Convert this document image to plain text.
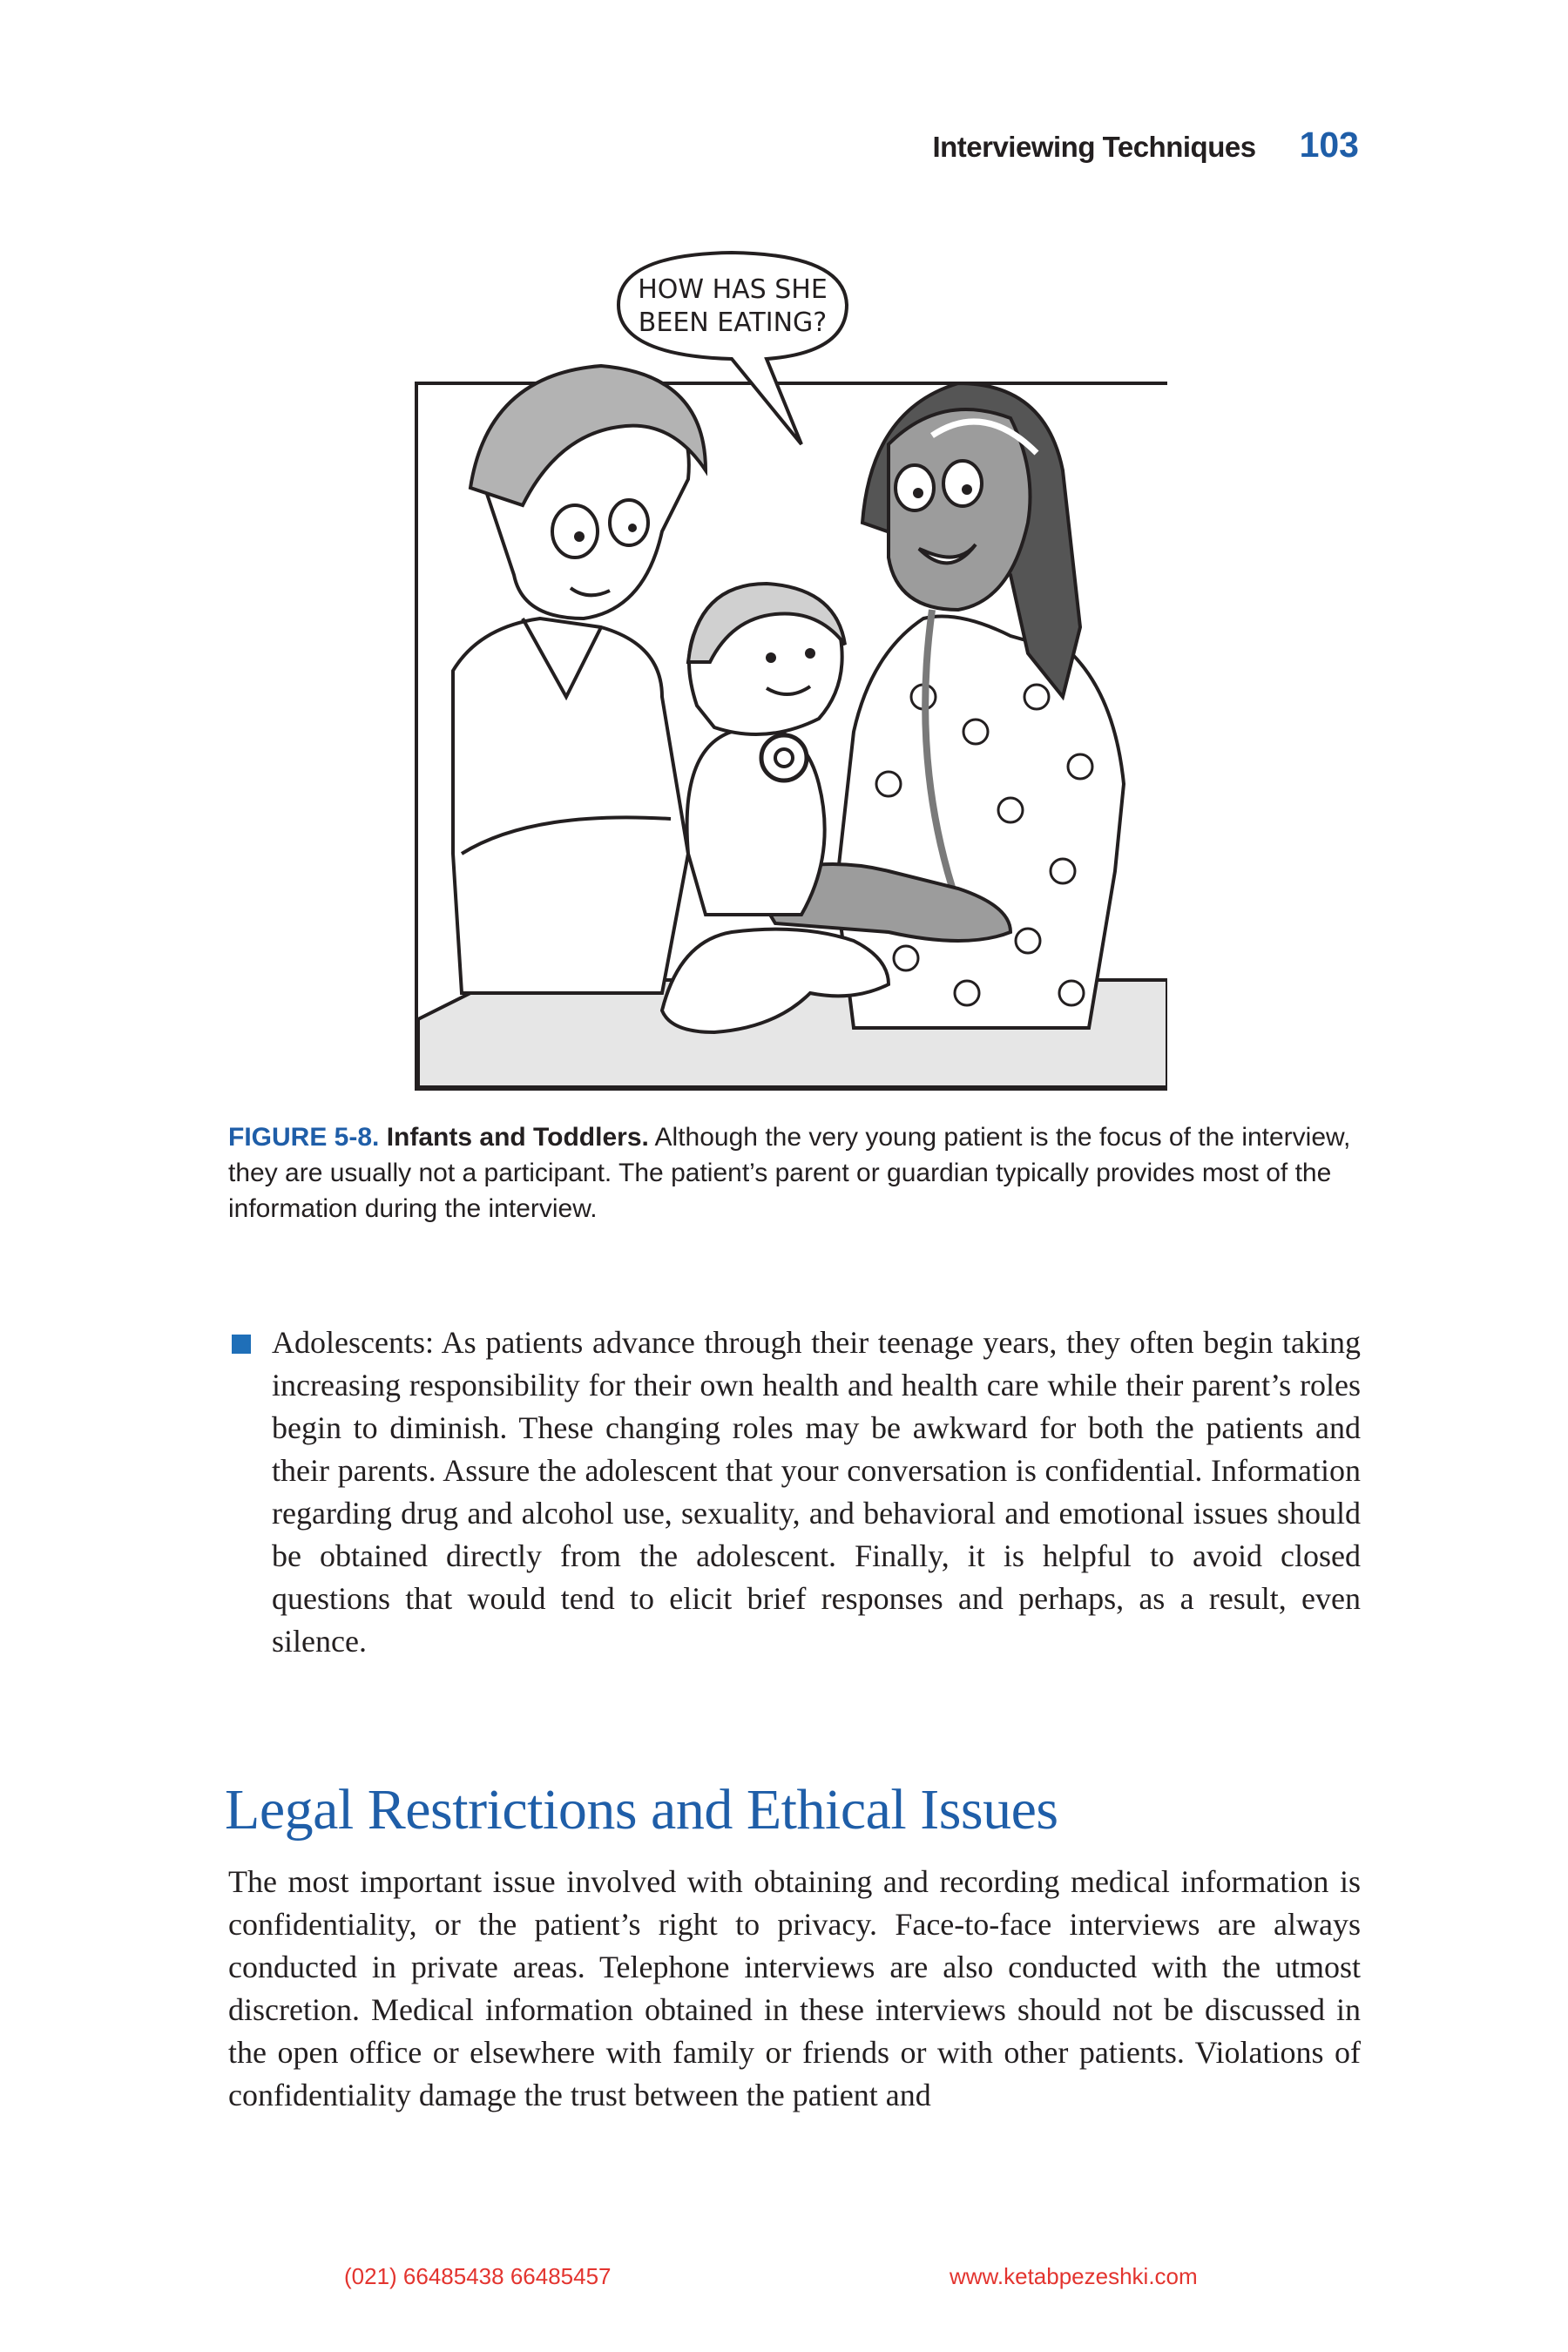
Interviewing Techniques 103
HOW HAS SHE
BEEN EATING?
FIGURE 5-8. Infants and Toddlers. Although the very young patient is the focus of the interview, they are usually not a participant. The patient’s parent or guardian typically provides most of the information during the interview.
Adolescents: As patients advance through their teenage years, they often begin taking increasing responsibility for their own health and health care while their parent’s roles begin to diminish. These changing roles may be awkward for both the patients and their parents. Assure the adolescent that your conversation is confidential. Information regarding drug and alcohol use, sexuality, and behavioral and emotional issues should be obtained directly from the adolescent. Finally, it is helpful to avoid closed questions that would tend to elicit brief responses and perhaps, as a result, even silence.
Legal Restrictions and Ethical Issues

The most important issue involved with obtaining and recording medical information is confidentiality, or the patient’s right to privacy. Face-to-face interviews are always conducted in private areas. Telephone interviews are also conducted with the utmost discretion. Medical information obtained in these interviews should not be discussed in the open office or elsewhere with family or friends or with other patients. Violations of confidentiality damage the trust between the patient and

(021) 66485438 66485457	www.ketabpezeshki.com
